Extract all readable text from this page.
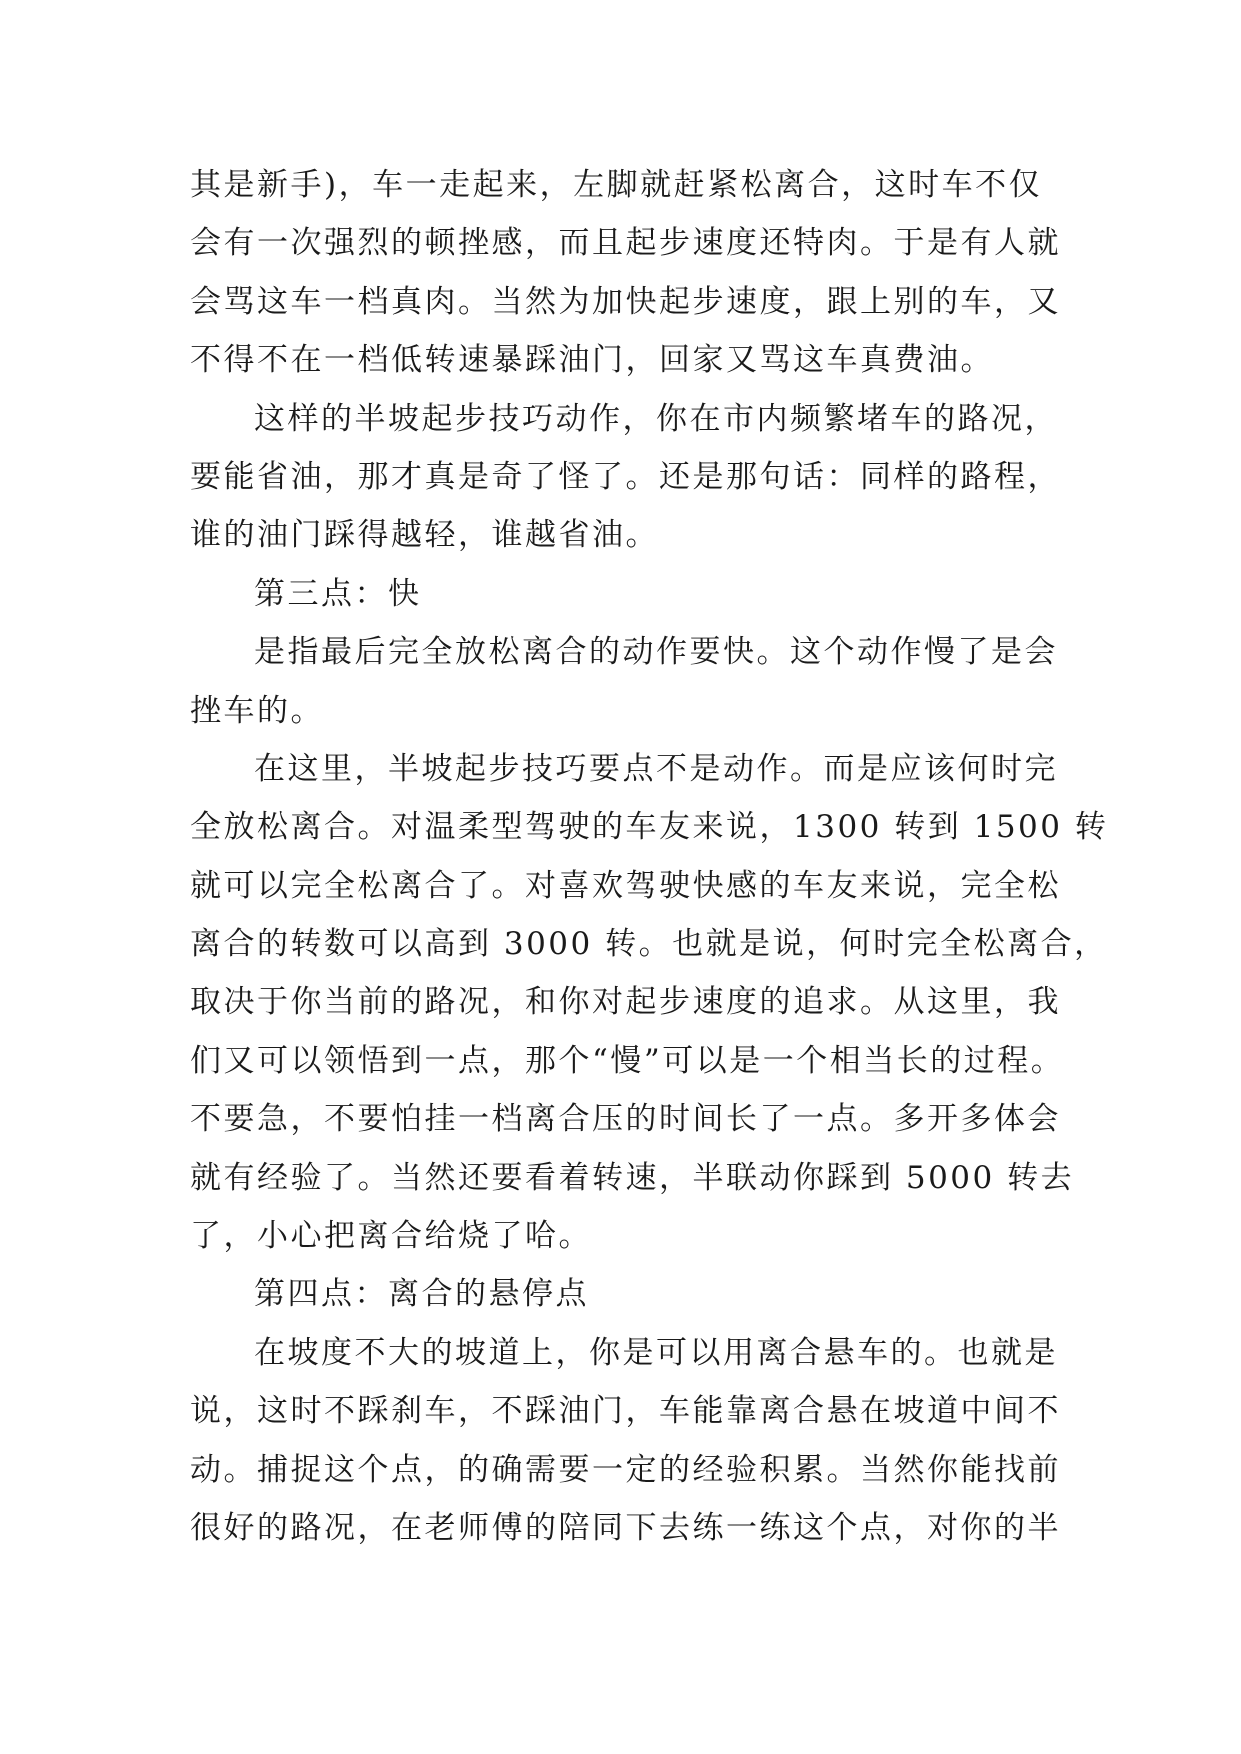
其是新手)，车一走起来，左脚就赶紧松离合，这时车不仅
会有一次强烈的顿挫感，而且起步速度还特肉。于是有人就
会骂这车一档真肉。当然为加快起步速度，跟上别的车，又
不得不在一档低转速暴踩油门，回家又骂这车真费油。
这样的半坡起步技巧动作，你在市内频繁堵车的路况，
要能省油，那才真是奇了怪了。还是那句话：同样的路程，
谁的油门踩得越轻，谁越省油。
第三点：快
是指最后完全放松离合的动作要快。这个动作慢了是会
挫车的。
在这里，半坡起步技巧要点不是动作。而是应该何时完
全放松离合。对温柔型驾驶的车友来说，1300 转到 1500 转
就可以完全松离合了。对喜欢驾驶快感的车友来说，完全松
离合的转数可以高到 3000 转。也就是说，何时完全松离合，
取决于你当前的路况，和你对起步速度的追求。从这里，我
们又可以领悟到一点，那个“慢”可以是一个相当长的过程。
不要急，不要怕挂一档离合压的时间长了一点。多开多体会
就有经验了。当然还要看着转速，半联动你踩到 5000 转去
了，小心把离合给烧了哈。
第四点：离合的悬停点
在坡度不大的坡道上，你是可以用离合悬车的。也就是
说，这时不踩刹车，不踩油门，车能靠离合悬在坡道中间不
动。捕捉这个点，的确需要一定的经验积累。当然你能找前
很好的路况，在老师傅的陪同下去练一练这个点，对你的半
